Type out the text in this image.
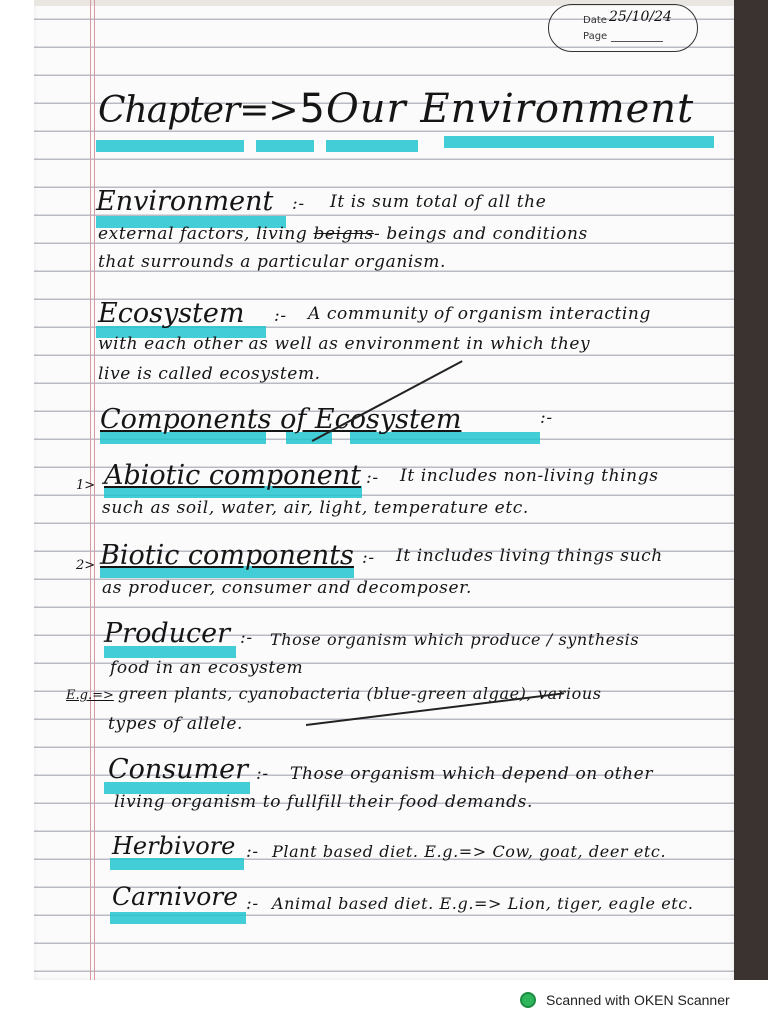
Date 25/10/24
Page
Chapter=>5 Our Environment
Environment :- It is sum total of all the
external factors, living beigns- beings and conditions
that surrounds a particular organism.
Ecosystem :- A community of organism interacting
with each other as well as environment in which they
live is called ecosystem.
Components of Ecosystem	:-
1> Abiotic component :- It includes non-living things
such as soil, water, air, light, temperature etc.
2> Biotic components :- It includes living things such
as producer, consumer and decomposer.
Producer :- Those organism which produce / synthesis
food in an ecosystem
E.g.=> green plants, cyanobacteria (blue-green algae), various
types of allele.
Consumer :- Those organism which depend on other
living organism to fullfill their food demands.
Herbivore :- Plant based diet. E.g.=> Cow, goat, deer etc.
Carnivore :- Animal based diet. E.g.=> Lion, tiger, eagle etc.
Scanned with OKEN Scanner
